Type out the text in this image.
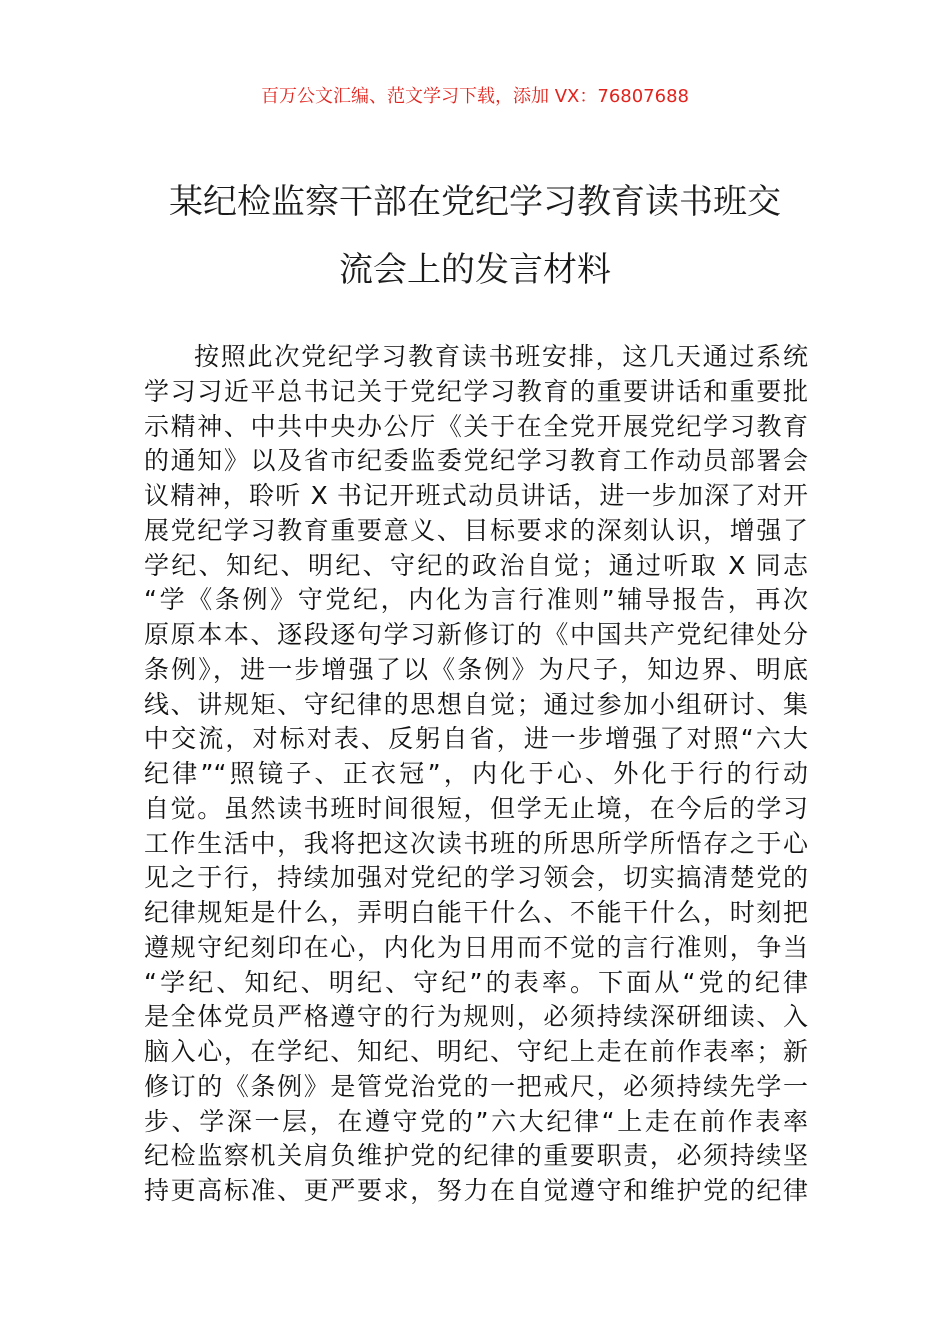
百万公文汇编、范文学习下载，添加 VX：76807688
某纪检监察干部在党纪学习教育读书班交
流会上的发言材料
按照此次党纪学习教育读书班安排，这几天通过系统
学习习近平总书记关于党纪学习教育的重要讲话和重要批
示精神、中共中央办公厅《关于在全党开展党纪学习教育
的通知》以及省市纪委监委党纪学习教育工作动员部署会
议精神，聆听 X 书记开班式动员讲话，进一步加深了对开
展党纪学习教育重要意义、目标要求的深刻认识，增强了
学纪、知纪、明纪、守纪的政治自觉；通过听取 X 同志
“学《条例》守党纪，内化为言行准则”辅导报告，再次
原原本本、逐段逐句学习新修订的《中国共产党纪律处分
条例》，进一步增强了以《条例》为尺子，知边界、明底
线、讲规矩、守纪律的思想自觉；通过参加小组研讨、集
中交流，对标对表、反躬自省，进一步增强了对照“六大
纪律”“照镜子、正衣冠”，内化于心、外化于行的行动
自觉。虽然读书班时间很短，但学无止境，在今后的学习
工作生活中，我将把这次读书班的所思所学所悟存之于心
见之于行，持续加强对党纪的学习领会，切实搞清楚党的
纪律规矩是什么，弄明白能干什么、不能干什么，时刻把
遵规守纪刻印在心，内化为日用而不觉的言行准则，争当
“学纪、知纪、明纪、守纪”的表率。下面从“党的纪律
是全体党员严格遵守的行为规则，必须持续深研细读、入
脑入心，在学纪、知纪、明纪、守纪上走在前作表率；新
修订的《条例》是管党治党的一把戒尺，必须持续先学一
步、学深一层，在遵守党的”六大纪律“上走在前作表率
纪检监察机关肩负维护党的纪律的重要职责，必须持续坚
持更高标准、更严要求，努力在自觉遵守和维护党的纪律
